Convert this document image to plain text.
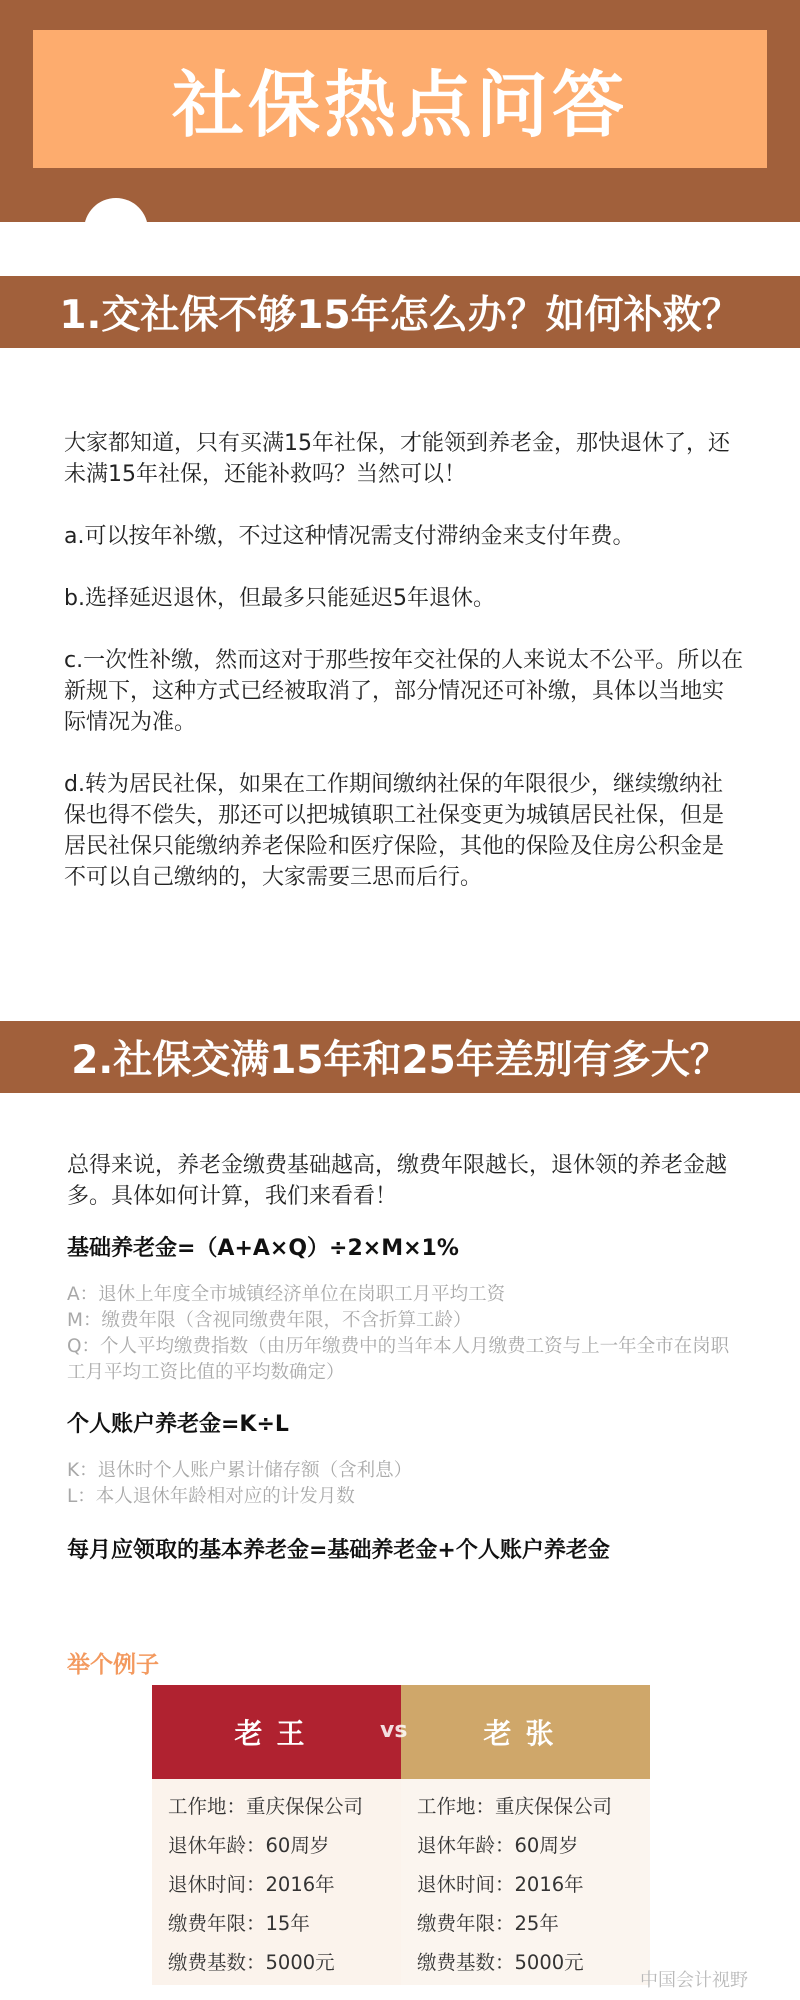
社保热点问答
1.交社保不够15年怎么办？如何补救？

大家都知道，只有买满15年社保，才能领到养老金，那快退休了，还未满15年社保，还能补救吗？当然可以！

a.可以按年补缴，不过这种情况需支付滞纳金来支付年费。

b.选择延迟退休，但最多只能延迟5年退休。

c.一次性补缴，然而这对于那些按年交社保的人来说太不公平。所以在新规下，这种方式已经被取消了，部分情况还可补缴，具体以当地实际情况为准。

d.转为居民社保，如果在工作期间缴纳社保的年限很少，继续缴纳社保也得不偿失，那还可以把城镇职工社保变更为城镇居民社保，但是居民社保只能缴纳养老保险和医疗保险，其他的保险及住房公积金是不可以自己缴纳的，大家需要三思而后行。

2.社保交满15年和25年差别有多大？

总得来说，养老金缴费基础越高，缴费年限越长，退休领的养老金越多。具体如何计算，我们来看看！

基础养老金=（A+A×Q）÷2×M×1%
A：退休上年度全市城镇经济单位在岗职工月平均工资
M：缴费年限（含视同缴费年限，不含折算工龄）
Q：个人平均缴费指数（由历年缴费中的当年本人月缴费工资与上一年全市在岗职工月平均工资比值的平均数确定）
个人账户养老金=K÷L
K：退休时个人账户累计储存额（含利息）
L：本人退休年龄相对应的计发月数
每月应领取的基本养老金=基础养老金+个人账户养老金
举个例子
老王
工作地：重庆保保公司
退休年龄：60周岁
退休时间：2016年
缴费年限：15年
缴费基数：5000元
老张
工作地：重庆保保公司
退休年龄：60周岁
退休时间：2016年
缴费年限：25年
缴费基数：5000元
vs
中国会计视野
